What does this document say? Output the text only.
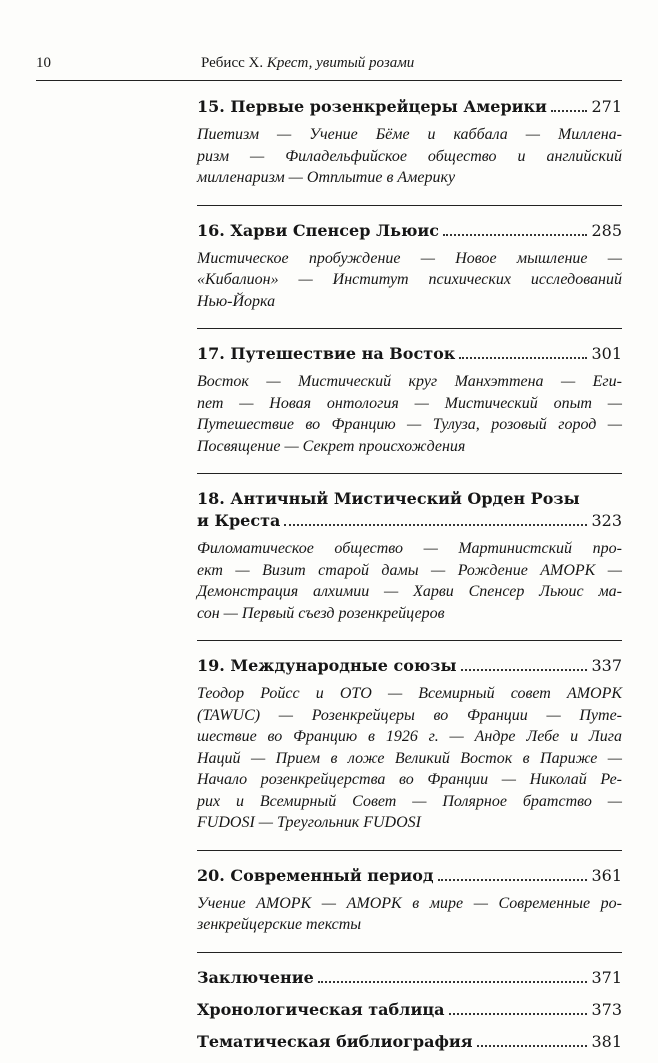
10	Ребисс Х. Крест, увитый розами
15. Первые розенкрейцеры Америки	271
Пиетизм — Учение Бёме и каббала — Миллена-
ризм — Филадельфийское общество и английский
милленаризм — Отплытие в Америку
16. Харви Спенсер Льюис	285
Мистическое пробуждение — Новое мышление —
«Кибалион» — Институт психических исследований
Нью-Йорка
17. Путешествие на Восток	301
Восток — Мистический круг Манхэттена — Еги-
пет — Новая онтология — Мистический опыт —
Путешествие во Францию — Тулуза, розовый город —
Посвящение — Секрет происхождения
18. Античный Мистический Орден Розы
и Креста	323
Филоматическое общество — Мартинистский про-
ект — Визит старой дамы — Рождение АМОРК —
Демонстрация алхимии — Харви Спенсер Льюис ма-
сон — Первый съезд розенкрейцеров
19. Международные союзы	337
Теодор Ройсс и ОТО — Всемирный совет АМОРК
(TAWUC) — Розенкрейцеры во Франции — Путе-
шествие во Францию в 1926 г. — Андре Лебе и Лига
Наций — Прием в ложе Великий Восток в Париже —
Начало розенкрейцерства во Франции — Николай Ре-
рих и Всемирный Совет — Полярное братство —
FUDOSI — Треугольник FUDOSI
20. Современный период	361
Учение АМОРК — АМОРК в мире — Современные ро-
зенкрейцерские тексты
Заключение	371
Хронологическая таблица	373
Тематическая библиография	381
